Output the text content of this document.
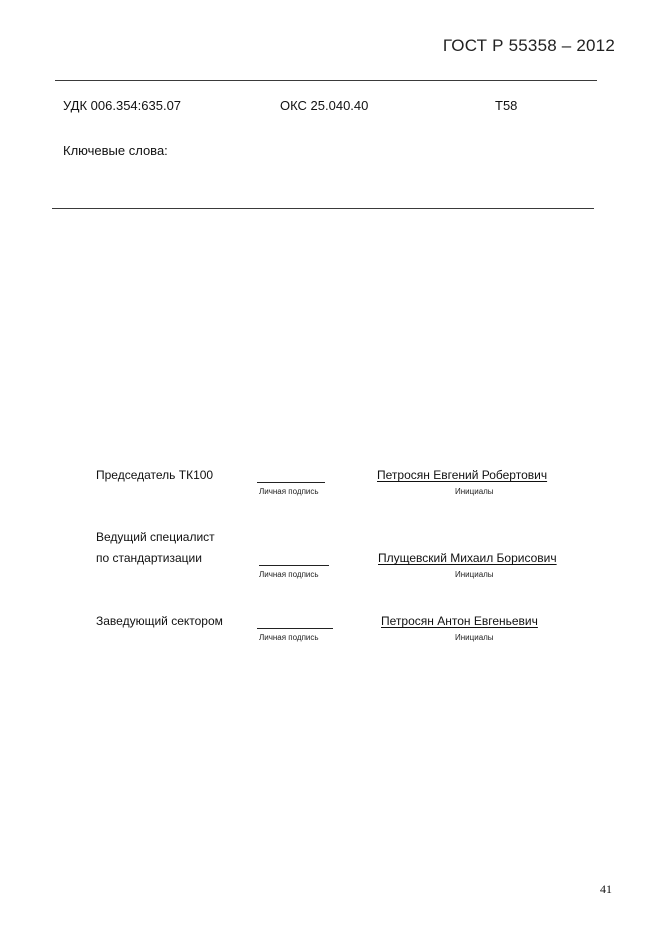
ГОСТ Р 55358 – 2012
УДК 006.354:635.07	ОКС 25.040.40	Т58
Ключевые слова:
Председатель ТК100
Личная подпись
Петросян Евгений Робертович
Инициалы
Ведущий специалист
по стандартизации
Личная подпись
Плущевский Михаил Борисович
Инициалы
Заведующий сектором
Личная подпись
Петросян Антон Евгеньевич
Инициалы
41
